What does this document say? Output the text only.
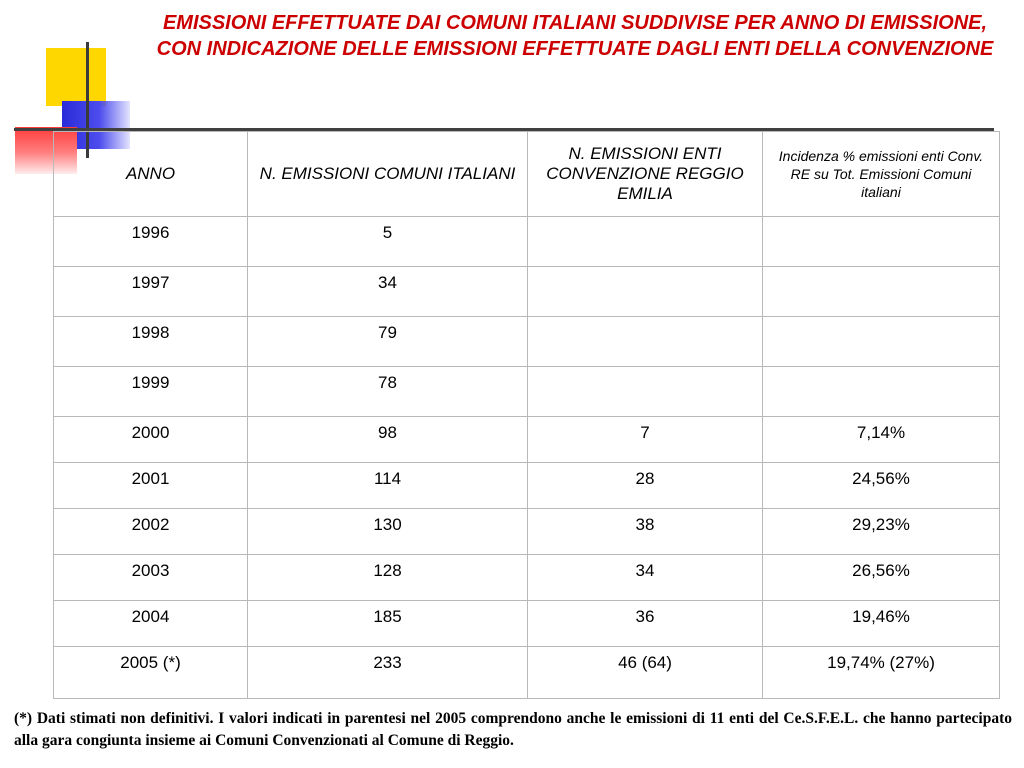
EMISSIONI EFFETTUATE DAI COMUNI ITALIANI SUDDIVISE PER ANNO DI EMISSIONE, CON INDICAZIONE DELLE EMISSIONI EFFETTUATE DAGLI ENTI DELLA CONVENZIONE
ANNO	N. EMISSIONI COMUNI ITALIANI	N. EMISSIONI ENTI CONVENZIONE REGGIO EMILIA	Incidenza % emissioni enti Conv. RE su Tot. Emissioni Comuni italiani
1996	5		
1997	34		
1998	79		
1999	78		
2000	98	7	7,14%
2001	114	28	24,56%
2002	130	38	29,23%
2003	128	34	26,56%
2004	185	36	19,46%
2005 (*)	233	46 (64)	19,74% (27%)

(*) Dati stimati non definitivi. I valori indicati in parentesi nel 2005 comprendono anche le emissioni di 11 enti del Ce.S.F.E.L. che hanno partecipato alla gara congiunta insieme ai Comuni Convenzionati al Comune di Reggio.
